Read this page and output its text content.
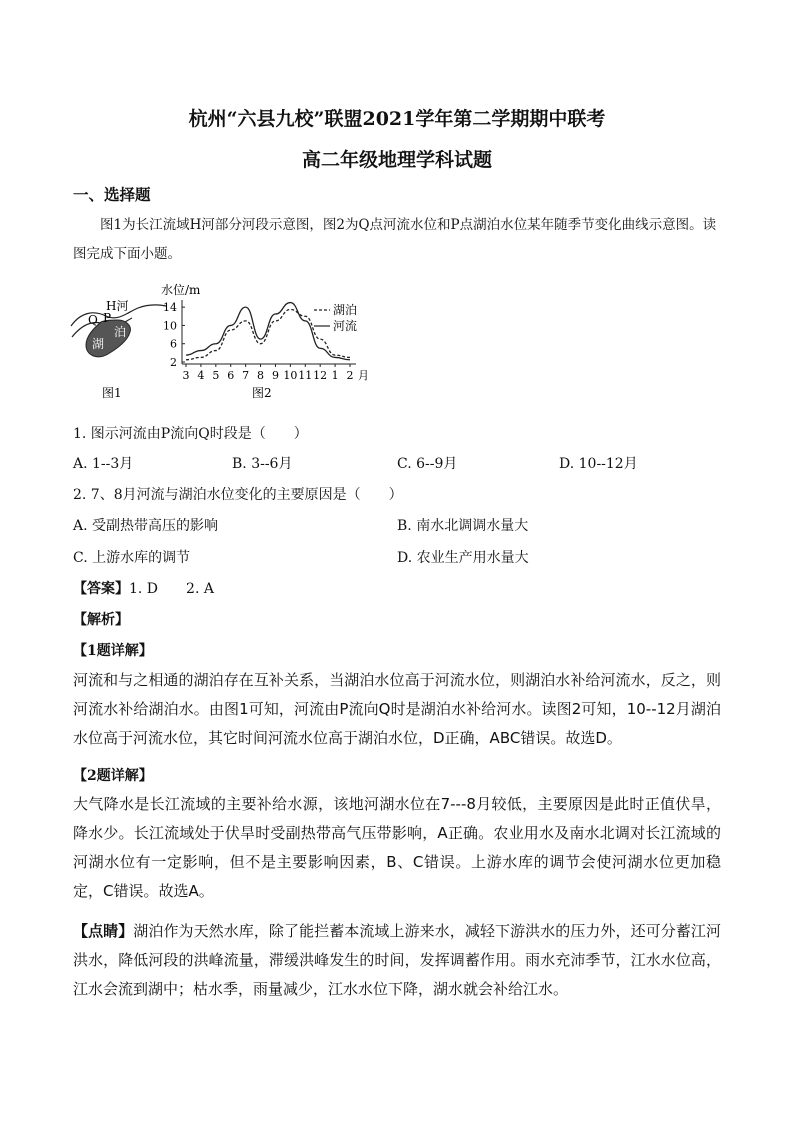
杭州“六县九校”联盟2021学年第二学期期中联考
高二年级地理学科试题
一、选择题
图1为长江流域H河部分河段示意图，图2为Q点河流水位和P点湖泊水位某年随季节变化曲线示意图。读图完成下面小题。
H河
Q P
湖
泊
图1
水位/m
14
10
6
2
3 4 5 6 7 8 9 10 11 12 1 2 月
湖泊
河流
图2
1. 图示河流由P流向Q时段是（　　）
A. 1--3月	B. 3--6月	C. 6--9月	D. 10--12月
2. 7、8月河流与湖泊水位变化的主要原因是（　　）
A. 受副热带高压的影响	B. 南水北调调水量大
C. 上游水库的调节	D. 农业生产用水量大
【答案】1. D　　2. A
【解析】
【1题详解】
河流和与之相通的湖泊存在互补关系，当湖泊水位高于河流水位，则湖泊水补给河流水，反之，则河流水补给湖泊水。由图1可知，河流由P流向Q时是湖泊水补给河水。读图2可知，10--12月湖泊水位高于河流水位，其它时间河流水位高于湖泊水位，D正确，ABC错误。故选D。
【2题详解】
大气降水是长江流域的主要补给水源，该地河湖水位在7---8月较低，主要原因是此时正值伏旱，降水少。长江流域处于伏旱时受副热带高气压带影响，A正确。农业用水及南水北调对长江流域的河湖水位有一定影响，但不是主要影响因素，B、C错误。上游水库的调节会使河湖水位更加稳定，C错误。故选A。
【点睛】湖泊作为天然水库，除了能拦蓄本流域上游来水，减轻下游洪水的压力外，还可分蓄江河洪水，降低河段的洪峰流量，滞缓洪峰发生的时间，发挥调蓄作用。雨水充沛季节，江水水位高，江水会流到湖中；枯水季，雨量减少，江水水位下降，湖水就会补给江水。
